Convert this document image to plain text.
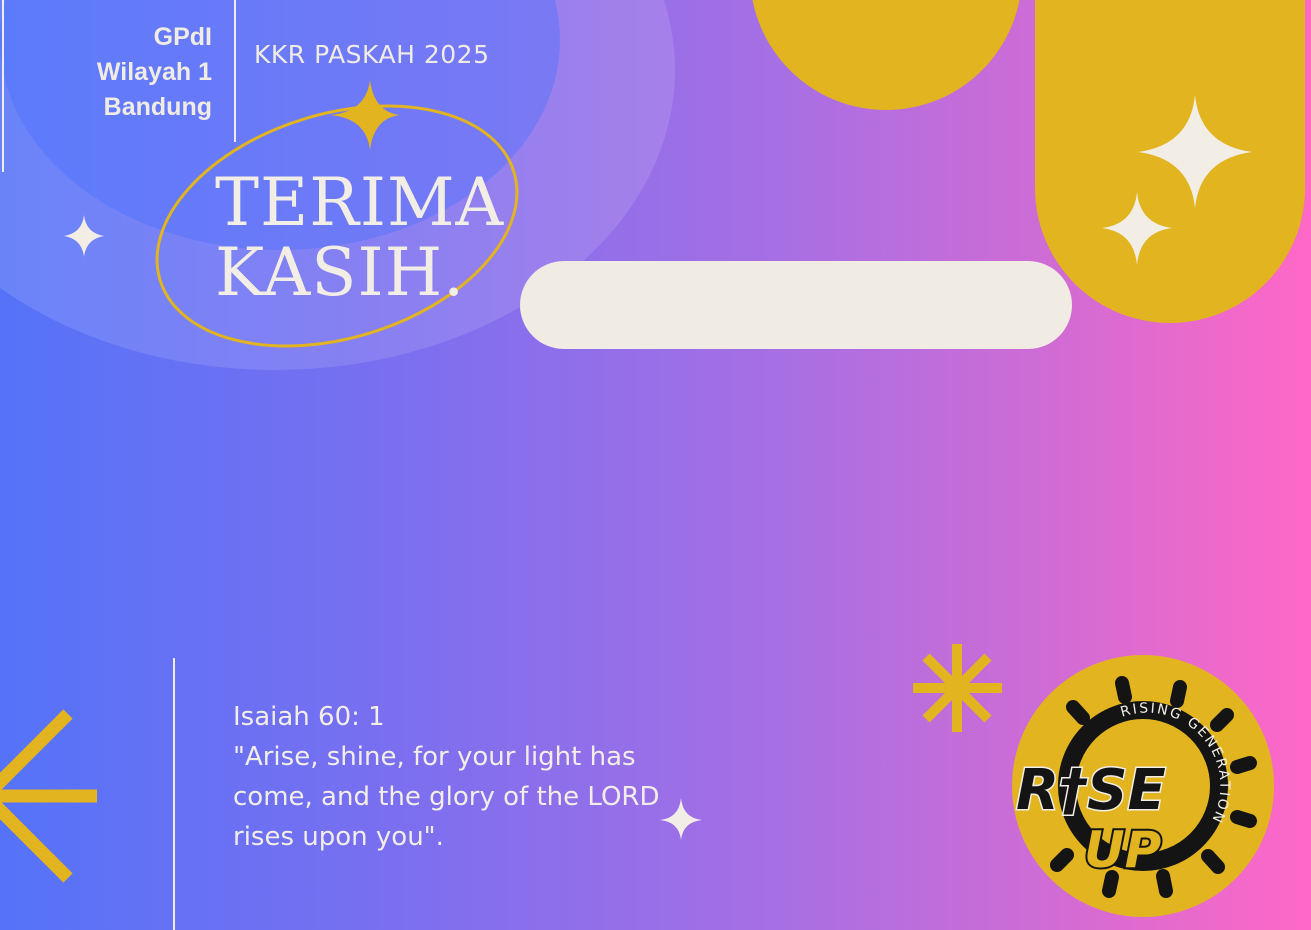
GPdI
Wilayah 1
Bandung
KKR PASKAH 2025
TERIMA
KASIH.
Isaiah 60: 1
"Arise, shine, for your light has
come, and the glory of the LORD
rises upon you".
RISING GENERATION
R†SE
UP
